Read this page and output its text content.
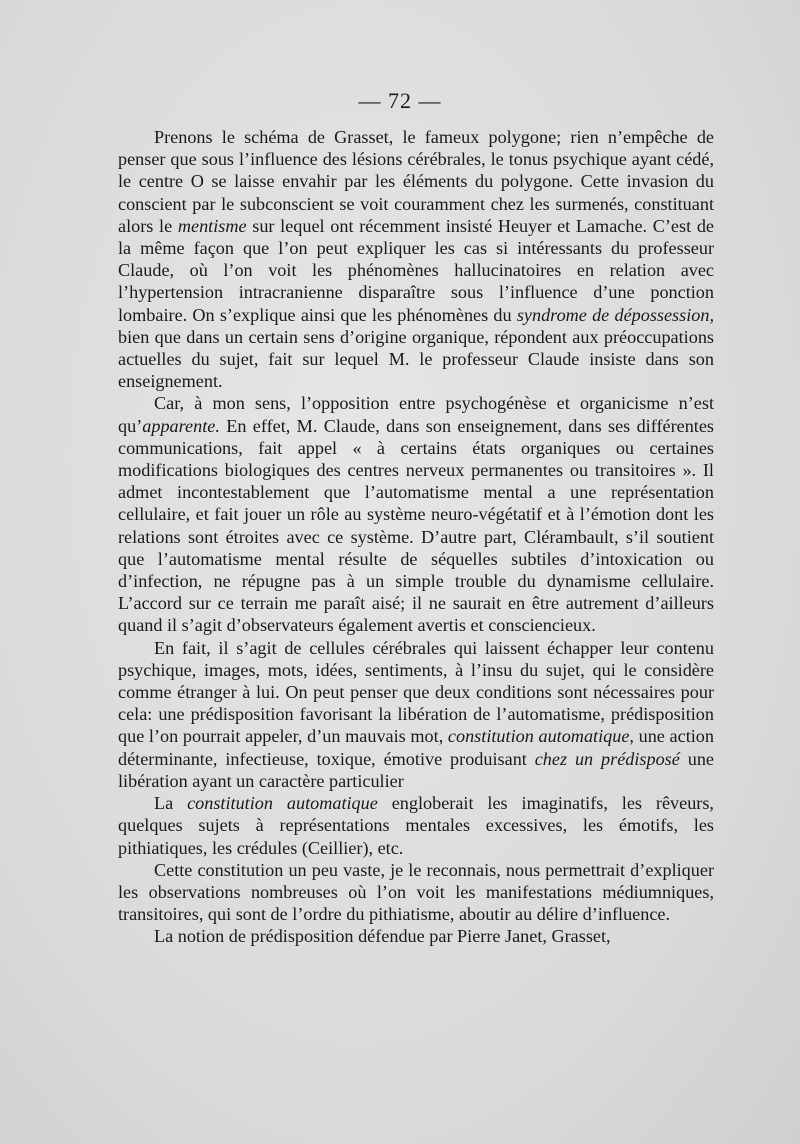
— 72 —

Prenons le schéma de Grasset, le fameux polygone; rien n’empêche de penser que sous l’influence des lésions cérébrales, le tonus psychique ayant cédé, le centre O se laisse envahir par les éléments du polygone. Cette invasion du conscient par le subconscient se voit couramment chez les surmenés, constituant alors le mentisme sur lequel ont récemment insisté Heuyer et Lamache. C’est de la même façon que l’on peut expliquer les cas si intéressants du professeur Claude, où l’on voit les phénomènes hallucinatoires en relation avec l’hypertension intracranienne disparaître sous l’influence d’une ponction lombaire. On s’explique ainsi que les phénomènes du syndrome de dépossession, bien que dans un certain sens d’origine organique, répondent aux préoccupations actuelles du sujet, fait sur lequel M. le professeur Claude insiste dans son enseignement.

Car, à mon sens, l’opposition entre psychogénèse et organicisme n’est qu’apparente. En effet, M. Claude, dans son enseignement, dans ses différentes communications, fait appel « à certains états organiques ou certaines modifications biologiques des centres nerveux permanentes ou transitoires ». Il admet incontestablement que l’automatisme mental a une représentation cellulaire, et fait jouer un rôle au système neuro-végétatif et à l’émotion dont les relations sont étroites avec ce système. D’autre part, Clérambault, s’il soutient que l’automatisme mental résulte de séquelles subtiles d’intoxication ou d’infection, ne répugne pas à un simple trouble du dynamisme cellulaire. L’accord sur ce terrain me paraît aisé; il ne saurait en être autrement d’ailleurs quand il s’agit d’observateurs également avertis et consciencieux.

En fait, il s’agit de cellules cérébrales qui laissent échapper leur contenu psychique, images, mots, idées, sentiments, à l’insu du sujet, qui le considère comme étranger à lui. On peut penser que deux conditions sont nécessaires pour cela: une prédisposition favorisant la libération de l’automatisme, prédisposition que l’on pourrait appeler, d’un mauvais mot, constitution automatique, une action déterminante, infectieuse, toxique, émotive produisant chez un prédisposé une libération ayant un caractère particulier

La constitution automatique engloberait les imaginatifs, les rêveurs, quelques sujets à représentations mentales excessives, les émotifs, les pithiatiques, les crédules (Ceillier), etc.

Cette constitution un peu vaste, je le reconnais, nous permettrait d’expliquer les observations nombreuses où l’on voit les manifestations médiumniques, transitoires, qui sont de l’ordre du pithiatisme, aboutir au délire d’influence.

La notion de prédisposition défendue par Pierre Janet, Grasset,
